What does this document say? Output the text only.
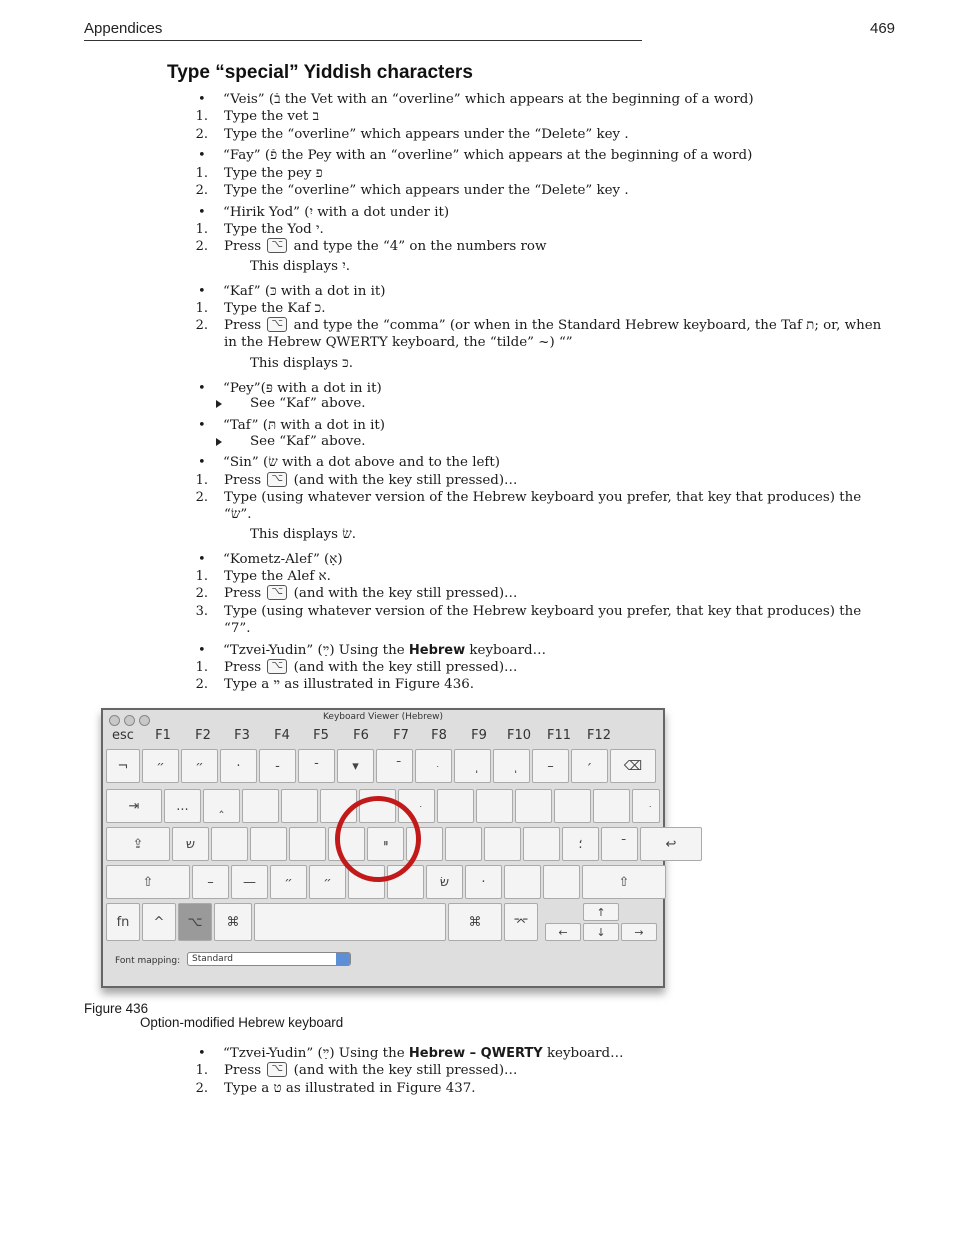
Appendices	469
Type “special” Yiddish characters
• “Veis” (בֿ the Vet with an “overline” which appears at the beginning of a word)
1. Type the vet ב
2. Type the “overline” which appears under the “Delete” key .
• “Fay” (פֿ the Pey with an “overline” which appears at the beginning of a word)
1. Type the pey פ
2. Type the “overline” which appears under the “Delete” key .
• “Hirik Yod” (יִ with a dot under it)
1. Type the Yod י.
2. Press ⌥ and type the “4” on the numbers row
This displays יִ.
• “Kaf” (כּ with a dot in it)
1. Type the Kaf כ.
2. Press ⌥ and type the “comma” (or when in the Standard Hebrew keyboard, the Taf ת; or, when
in the Hebrew QWERTY keyboard, the “tilde” ~) “”
This displays כּ.
• “Pey”(פּ with a dot in it)
See “Kaf” above.
• “Taf” (תּ with a dot in it)
See “Kaf” above.
• “Sin” (שׂ with a dot above and to the left)
1. Press ⌥ (and with the key still pressed)…
2. Type (using whatever version of the Hebrew keyboard you prefer, that key that produces) the
“שׂ”.
This displays שׂ.
• “Kometz-Alef” (אָ)
1. Type the Alef א.
2. Press ⌥ (and with the key still pressed)…
3. Type (using whatever version of the Hebrew keyboard you prefer, that key that produces) the
“7”.
• “Tzvei-Yudin” (ײַ) Using the Hebrew keyboard…
1. Press ⌥ (and with the key still pressed)…
2. Type a ײ as illustrated in Figure 436.
Keyboard Viewer (Hebrew)
esc	F1	F2	F3	F4	F5	F6	F7	F8	F9	F10	F11	F12
¬	״	״	·	-	־	▾	–	׳	⌫
⇥	...	‸
⇪	ש	ײ	؛	↩
⇧	–	—	״	״	שׂ	·	⇧
fn	^	⌥	⌘	⌘	⌤
↑
←	↓	→
Font mapping:	Standard
Figure 436
Option-modified Hebrew keyboard
• “Tzvei-Yudin” (ײַ) Using the Hebrew – QWERTY keyboard…
1. Press ⌥ (and with the key still pressed)…
2. Type a ט as illustrated in Figure 437.
